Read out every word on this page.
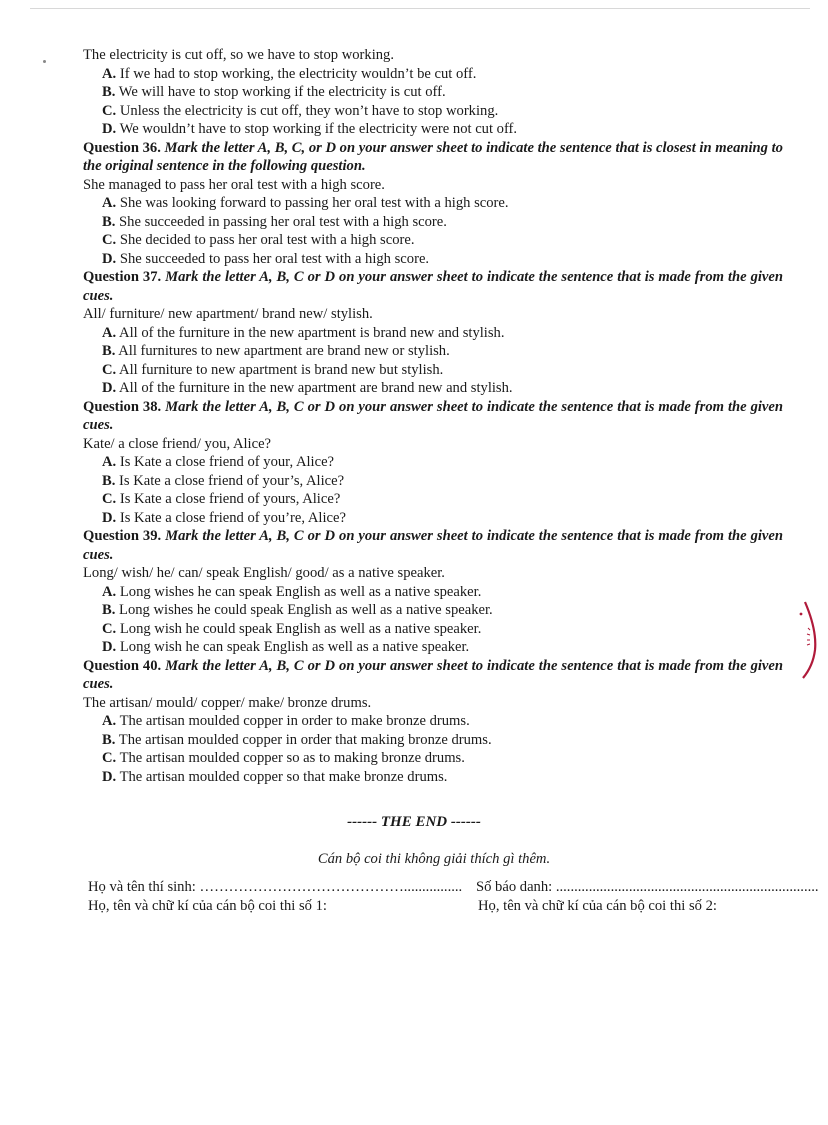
The electricity is cut off, so we have to stop working.
A. If we had to stop working, the electricity wouldn’t be cut off.
B. We will have to stop working if the electricity is cut off.
C. Unless the electricity is cut off, they won’t have to stop working.
D. We wouldn’t have to stop working if the electricity were not cut off.
Question 36. Mark the letter A, B, C, or D on your answer sheet to indicate the sentence that is closest in meaning to the original sentence in the following question.
She managed to pass her oral test with a high score.
A. She was looking forward to passing her oral test with a high score.
B. She succeeded in passing her oral test with a high score.
C. She decided to pass her oral test with a high score.
D. She succeeded to pass her oral test with a high score.
Question 37. Mark the letter A, B, C or D on your answer sheet to indicate the sentence that is made from the given cues.
All/ furniture/ new apartment/ brand new/ stylish.
A. All of the furniture in the new apartment is brand new and stylish.
B. All furnitures to new apartment are brand new or stylish.
C. All furniture to new apartment is brand new but stylish.
D. All of the furniture in the new apartment are brand new and stylish.
Question 38. Mark the letter A, B, C or D on your answer sheet to indicate the sentence that is made from the given cues.
Kate/ a close friend/ you, Alice?
A. Is Kate a close friend of your, Alice?
B. Is Kate a close friend of your’s, Alice?
C. Is Kate a close friend of yours, Alice?
D. Is Kate a close friend of you’re, Alice?
Question 39. Mark the letter A, B, C or D on your answer sheet to indicate the sentence that is made from the given cues.
Long/ wish/ he/ can/ speak English/ good/ as a native speaker.
A. Long wishes he can speak English as well as a native speaker.
B. Long wishes he could speak English as well as a native speaker.
C. Long wish he could speak English as well as a native speaker.
D. Long wish he can speak English as well as a native speaker.
Question 40. Mark the letter A, B, C or D on your answer sheet to indicate the sentence that is made from the given cues.
The artisan/ mould/ copper/ make/ bronze drums.
A. The artisan moulded copper in order to make bronze drums.
B. The artisan moulded copper in order that making bronze drums.
C. The artisan moulded copper so as to making bronze drums.
D. The artisan moulded copper so that make bronze drums.
------ THE END ------
Cán bộ coi thi không giải thích gì thêm.
Họ và tên thí sinh: ……………………………………................ Số báo danh: ........................................................................
Họ, tên và chữ kí của cán bộ coi thi số 1:	Họ, tên và chữ kí của cán bộ coi thi số 2:
